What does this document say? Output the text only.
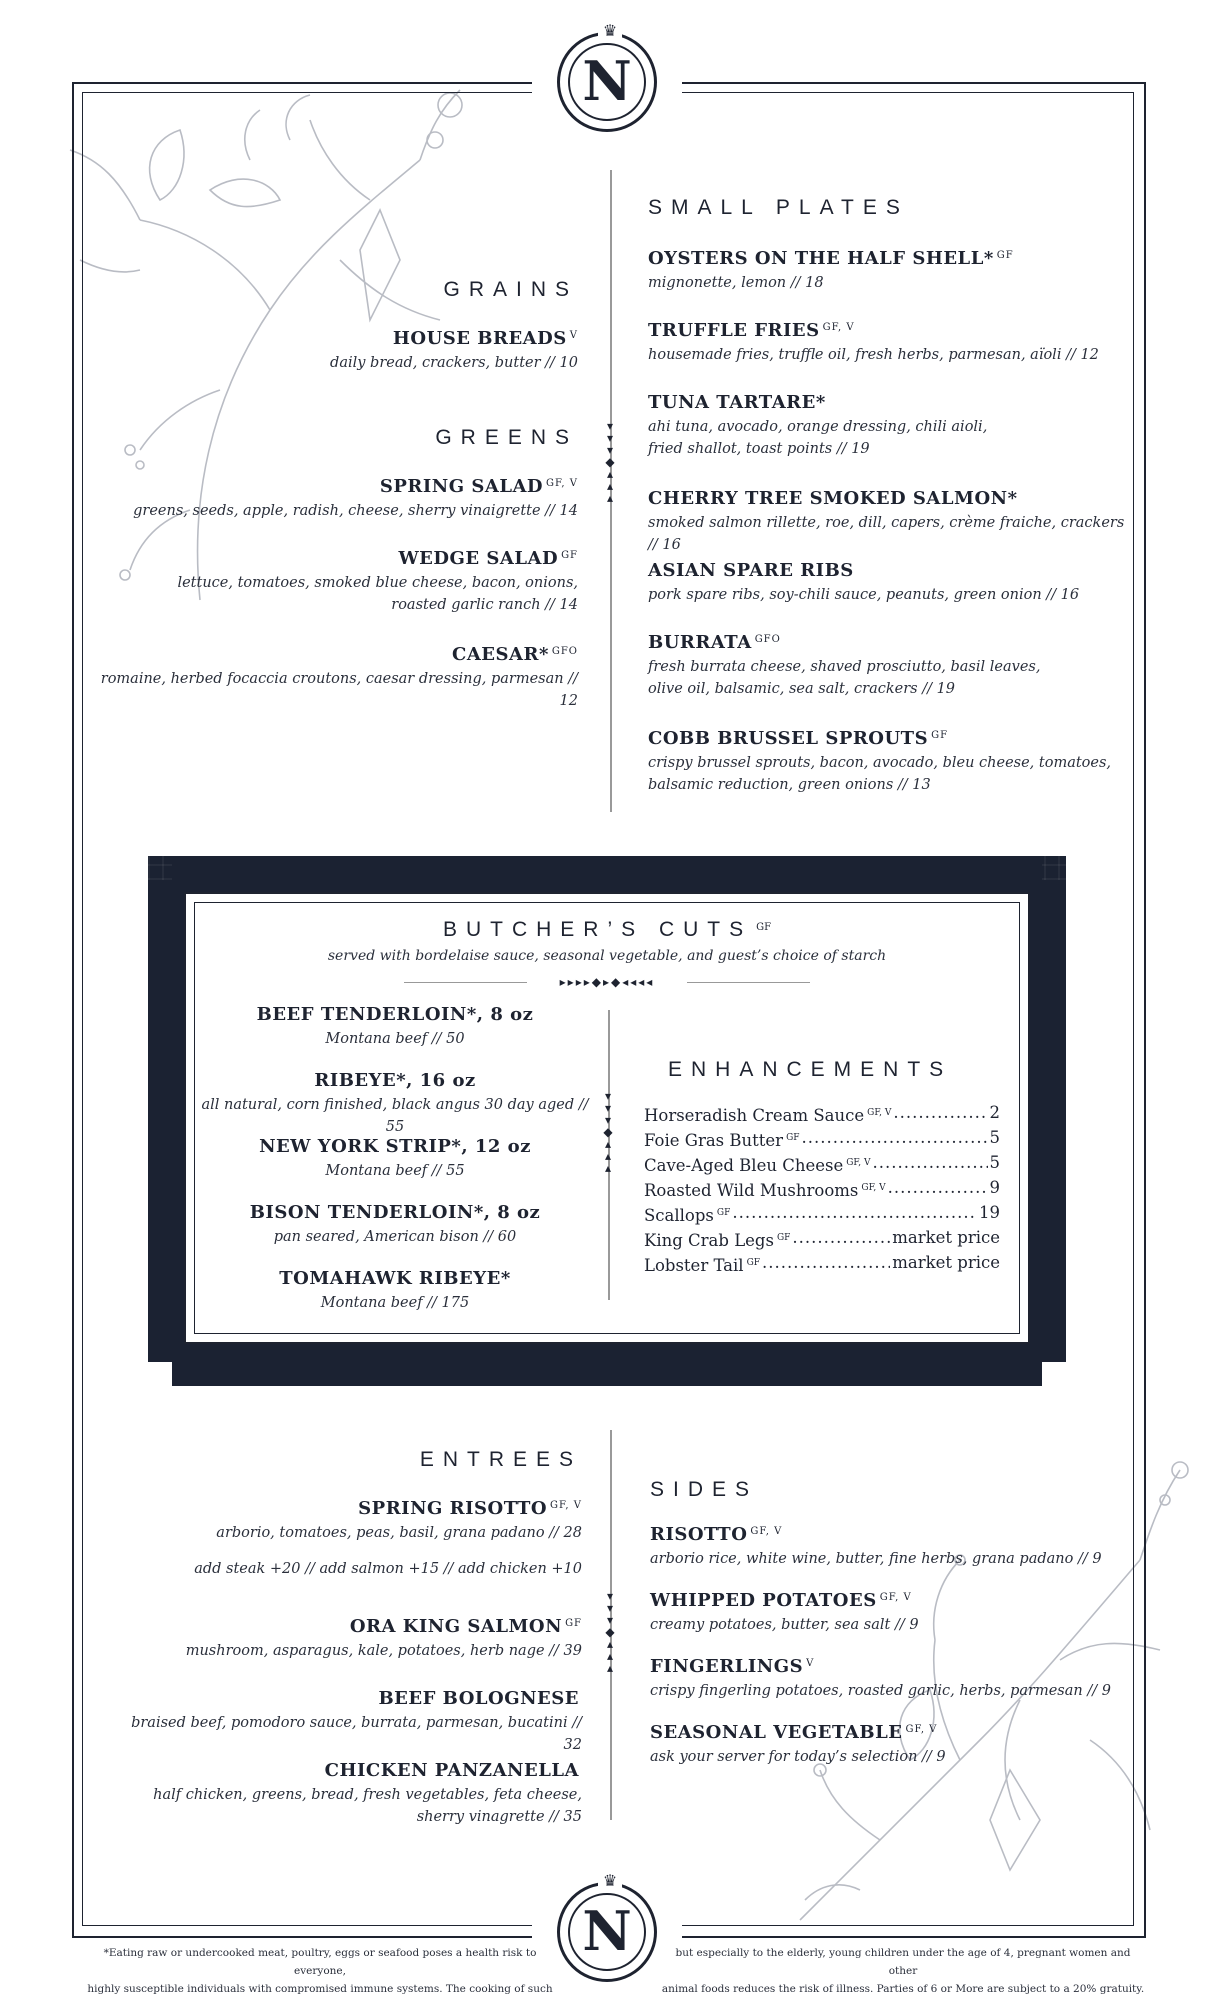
♛
N
♛
N
▾
▾
▾
◆
▴
▴
▴
GRAINS
HOUSE BREADS $^V$
daily bread, crackers, butter // 10
GREENS
SPRING SALAD $^{GF, V}$
greens, seeds, apple, radish, cheese, sherry vinaigrette // 14
WEDGE SALAD $^{GF}$
lettuce, tomatoes, smoked blue cheese, bacon, onions,
roasted garlic ranch // 14
CAESAR* $^{GFO}$
romaine, herbed focaccia croutons, caesar dressing, parmesan // 12
SMALL PLATES
OYSTERS ON THE HALF SHELL* $^{GF}$
mignonette, lemon // 18
TRUFFLE FRIES $^{GF, V}$
housemade fries, truffle oil, fresh herbs, parmesan, aïoli // 12
TUNA TARTARE*
ahi tuna, avocado, orange dressing, chili aioli,
fried shallot, toast points // 19
CHERRY TREE SMOKED SALMON*
smoked salmon rillette, roe, dill, capers, crème fraiche, crackers // 16
ASIAN SPARE RIBS
pork spare ribs, soy-chili sauce, peanuts, green onion // 16
BURRATA $^{GFO}$
fresh burrata cheese, shaved prosciutto, basil leaves,
olive oil, balsamic, sea salt, crackers // 19
COBB BRUSSEL SPROUTS $^{GF}$
crispy brussel sprouts, bacon, avocado, bleu cheese, tomatoes,
balsamic reduction, green onions // 13
BUTCHER’S CUTS $^{GF}$
served with bordelaise sauce, seasonal vegetable, and guest’s choice of starch
▸▸▸▸◆▸◆◂◂◂◂
▾
▾
▾
◆
▴
▴
▴
BEEF TENDERLOIN*, 8 oz
Montana beef // 50
RIBEYE*, 16 oz
all natural, corn finished, black angus 30 day aged // 55
NEW YORK STRIP*, 12 oz
Montana beef // 55
BISON TENDERLOIN*, 8 oz
pan seared, American bison // 60
TOMAHAWK RIBEYE*
Montana beef // 175
ENHANCEMENTS
Horseradish Cream Sauce $^{GF, V}$ .....	2
Foie Gras Butter $^{GF}$ .....	5
Cave-Aged Bleu Cheese $^{GF, V}$ .....	5
Roasted Wild Mushrooms $^{GF, V}$ .....	9
Scallops $^{GF}$ .....	19
King Crab Legs $^{GF}$ .....	market price
Lobster Tail $^{GF}$ .....	market price
▾
▾
▾
◆
▴
▴
▴
ENTREES
SPRING RISOTTO $^{GF, V}$
arborio, tomatoes, peas, basil, grana padano // 28
add steak +20 // add salmon +15 // add chicken +10
ORA KING SALMON $^{GF}$
mushroom, asparagus, kale, potatoes, herb nage // 39
BEEF BOLOGNESE
braised beef, pomodoro sauce, burrata, parmesan, bucatini // 32
CHICKEN PANZANELLA
half chicken, greens, bread, fresh vegetables, feta cheese,
sherry vinagrette // 35
SIDES
RISOTTO $^{GF, V}$
arborio rice, white wine, butter, fine herbs, grana padano // 9
WHIPPED POTATOES $^{GF, V}$
creamy potatoes, butter, sea salt // 9
FINGERLINGS $^V$
crispy fingerling potatoes, roasted garlic, herbs, parmesan // 9
SEASONAL VEGETABLE $^{GF, V}$
ask your server for today’s selection // 9
*Eating raw or undercooked meat, poultry, eggs or seafood poses a health risk to everyone,
highly susceptible individuals with compromised immune systems. The cooking of such
but especially to the elderly, young children under the age of 4, pregnant women and other
animal foods reduces the risk of illness. Parties of 6 or More are subject to a 20% gratuity.
